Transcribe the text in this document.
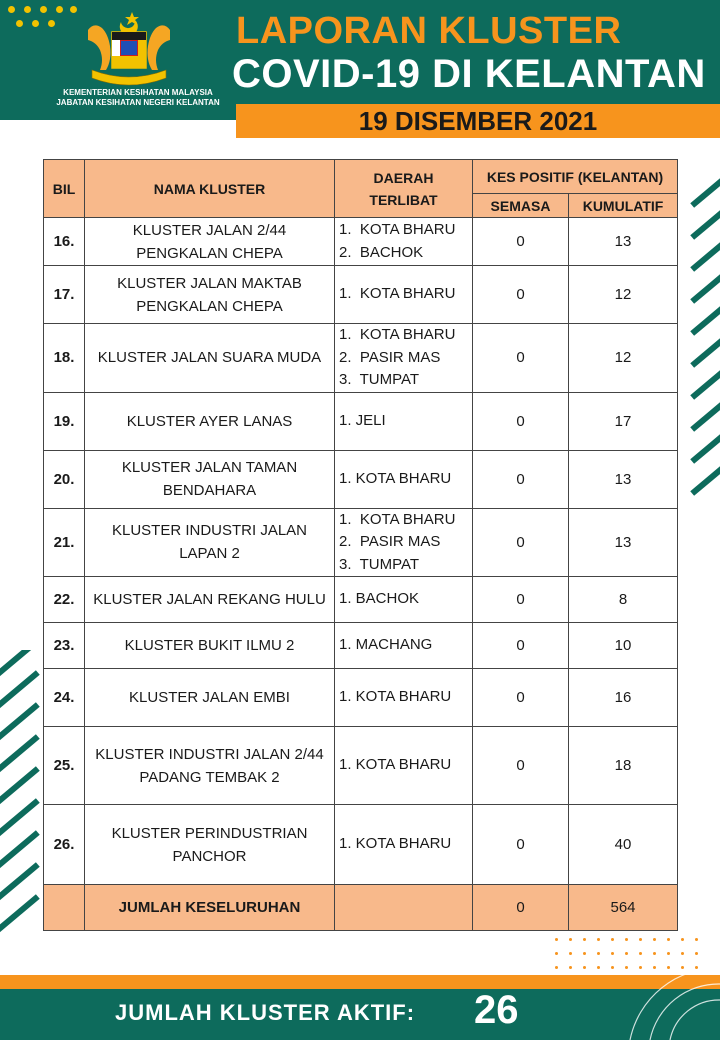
KEMENTERIAN KESIHATAN MALAYSIA
JABATAN KESIHATAN NEGERI KELANTAN
LAPORAN KLUSTER
COVID-19 DI KELANTAN
19 DISEMBER 2021
BIL	NAMA KLUSTER	DAERAH TERLIBAT	KES POSITIF (KELANTAN)	
			SEMASA	KUMULATIF
16.	KLUSTER JALAN 2/44 PENGKALAN CHEPA	1.  KOTA BHARU
2.  BACHOK	0	13
17.	KLUSTER JALAN MAKTAB PENGKALAN CHEPA	1.  KOTA BHARU	0	12
18.	KLUSTER JALAN SUARA MUDA	1.  KOTA BHARU
2.  PASIR MAS
3.  TUMPAT	0	12
19.	KLUSTER AYER LANAS	1. JELI	0	17
20.	KLUSTER JALAN TAMAN BENDAHARA	1. KOTA BHARU	0	13
21.	KLUSTER INDUSTRI JALAN LAPAN 2	1.  KOTA BHARU
2.  PASIR MAS
3.  TUMPAT	0	13
22.	KLUSTER JALAN REKANG HULU	1. BACHOK	0	8
23.	KLUSTER BUKIT ILMU 2	1. MACHANG	0	10
24.	KLUSTER JALAN EMBI	1. KOTA BHARU	0	16
25.	KLUSTER INDUSTRI JALAN 2/44 PADANG TEMBAK 2	1. KOTA BHARU	0	18
26.	KLUSTER PERINDUSTRIAN PANCHOR	1. KOTA BHARU	0	40
	JUMLAH KESELURUHAN		0	564
JUMLAH KLUSTER AKTIF: 26
